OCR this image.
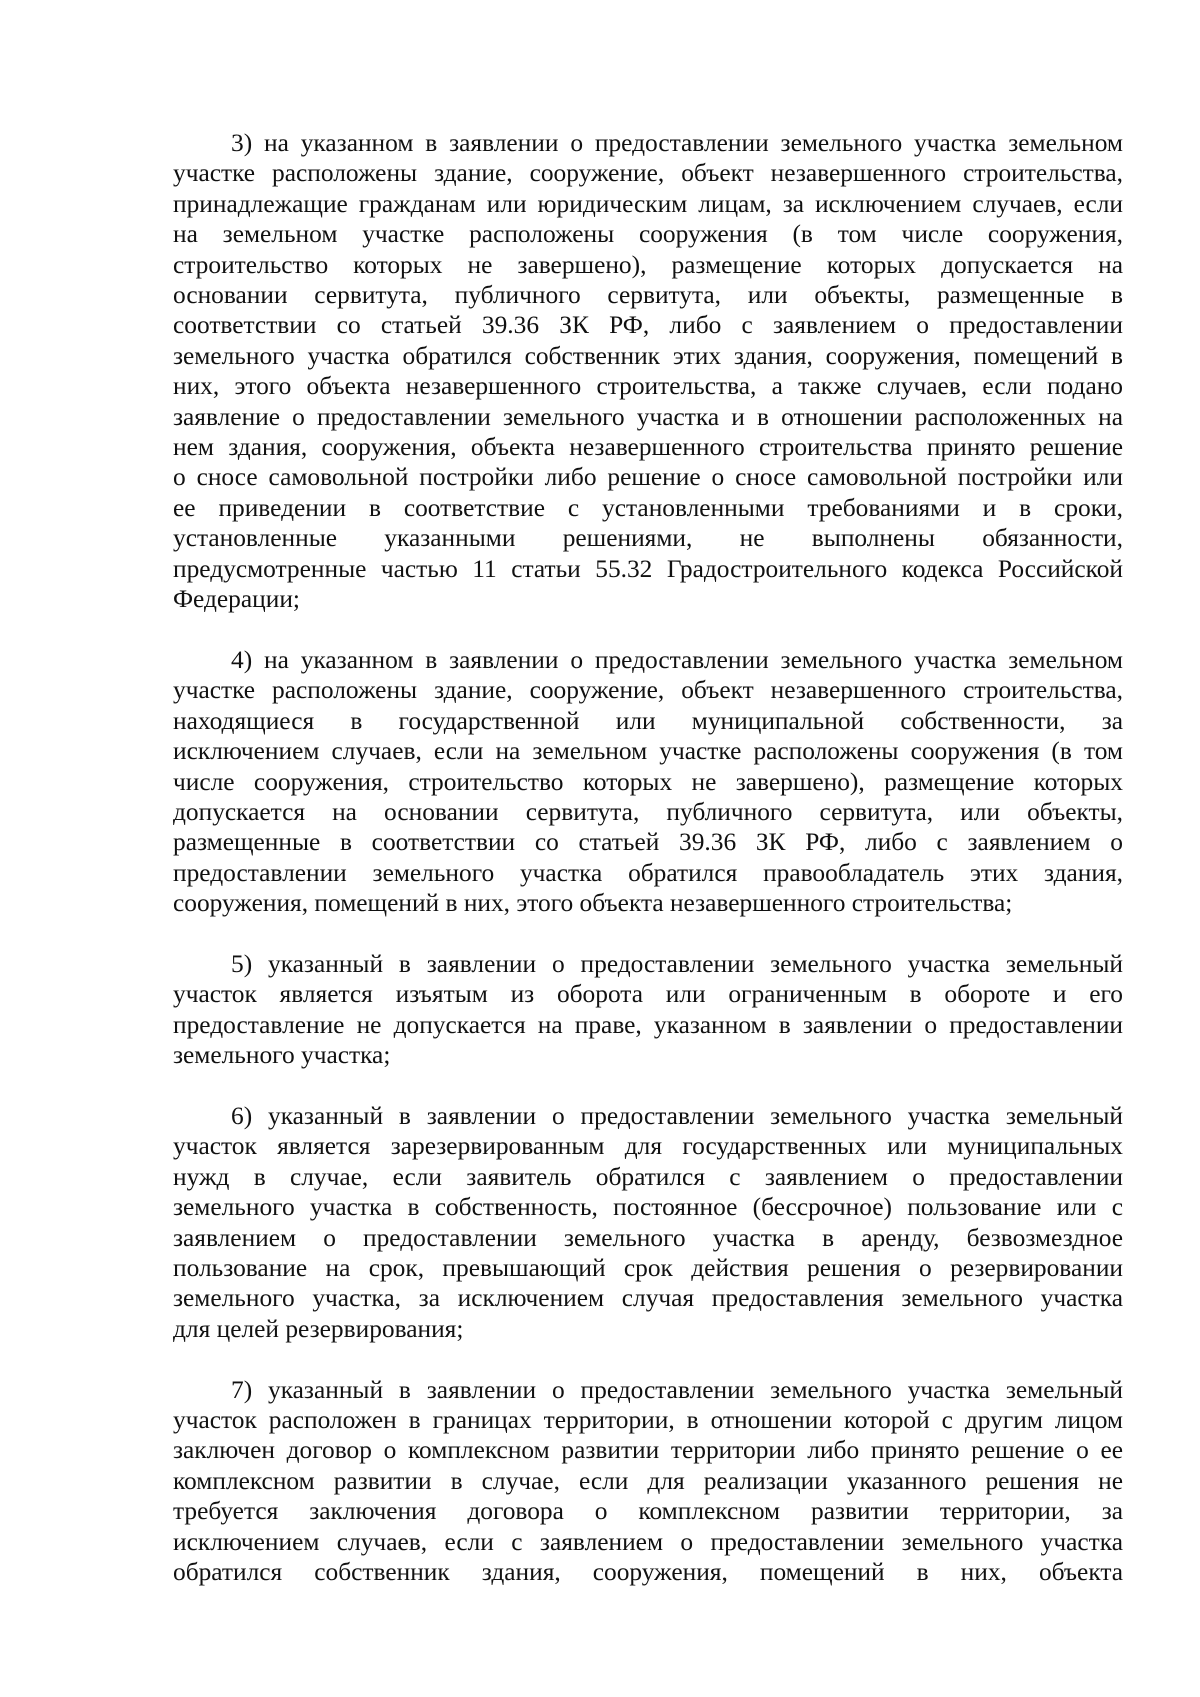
3) на указанном в заявлении о предоставлении земельного участка земельном
участке расположены здание, сооружение, объект незавершенного строительства,
принадлежащие гражданам или юридическим лицам, за исключением случаев, если
на земельном участке расположены сооружения (в том числе сооружения,
строительство которых не завершено), размещение которых допускается на
основании сервитута, публичного сервитута, или объекты, размещенные в
соответствии со статьей 39.36 ЗК РФ, либо с заявлением о предоставлении
земельного участка обратился собственник этих здания, сооружения, помещений в
них, этого объекта незавершенного строительства, а также случаев, если подано
заявление о предоставлении земельного участка и в отношении расположенных на
нем здания, сооружения, объекта незавершенного строительства принято решение
о сносе самовольной постройки либо решение о сносе самовольной постройки или
ее приведении в соответствие с установленными требованиями и в сроки,
установленные указанными решениями, не выполнены обязанности,
предусмотренные частью 11 статьи 55.32 Градостроительного кодекса Российской
Федерации;

4) на указанном в заявлении о предоставлении земельного участка земельном
участке расположены здание, сооружение, объект незавершенного строительства,
находящиеся в государственной или муниципальной собственности, за
исключением случаев, если на земельном участке расположены сооружения (в том
числе сооружения, строительство которых не завершено), размещение которых
допускается на основании сервитута, публичного сервитута, или объекты,
размещенные в соответствии со статьей 39.36 ЗК РФ, либо с заявлением о
предоставлении земельного участка обратился правообладатель этих здания,
сооружения, помещений в них, этого объекта незавершенного строительства;

5) указанный в заявлении о предоставлении земельного участка земельный
участок является изъятым из оборота или ограниченным в обороте и его
предоставление не допускается на праве, указанном в заявлении о предоставлении
земельного участка;

6) указанный в заявлении о предоставлении земельного участка земельный
участок является зарезервированным для государственных или муниципальных
нужд в случае, если заявитель обратился с заявлением о предоставлении
земельного участка в собственность, постоянное (бессрочное) пользование или с
заявлением о предоставлении земельного участка в аренду, безвозмездное
пользование на срок, превышающий срок действия решения о резервировании
земельного участка, за исключением случая предоставления земельного участка
для целей резервирования;

7) указанный в заявлении о предоставлении земельного участка земельный
участок расположен в границах территории, в отношении которой с другим лицом
заключен договор о комплексном развитии территории либо принято решение о ее
комплексном развитии в случае, если для реализации указанного решения не
требуется заключения договора о комплексном развитии территории, за
исключением случаев, если с заявлением о предоставлении земельного участка
обратился собственник здания, сооружения, помещений в них, объекта
